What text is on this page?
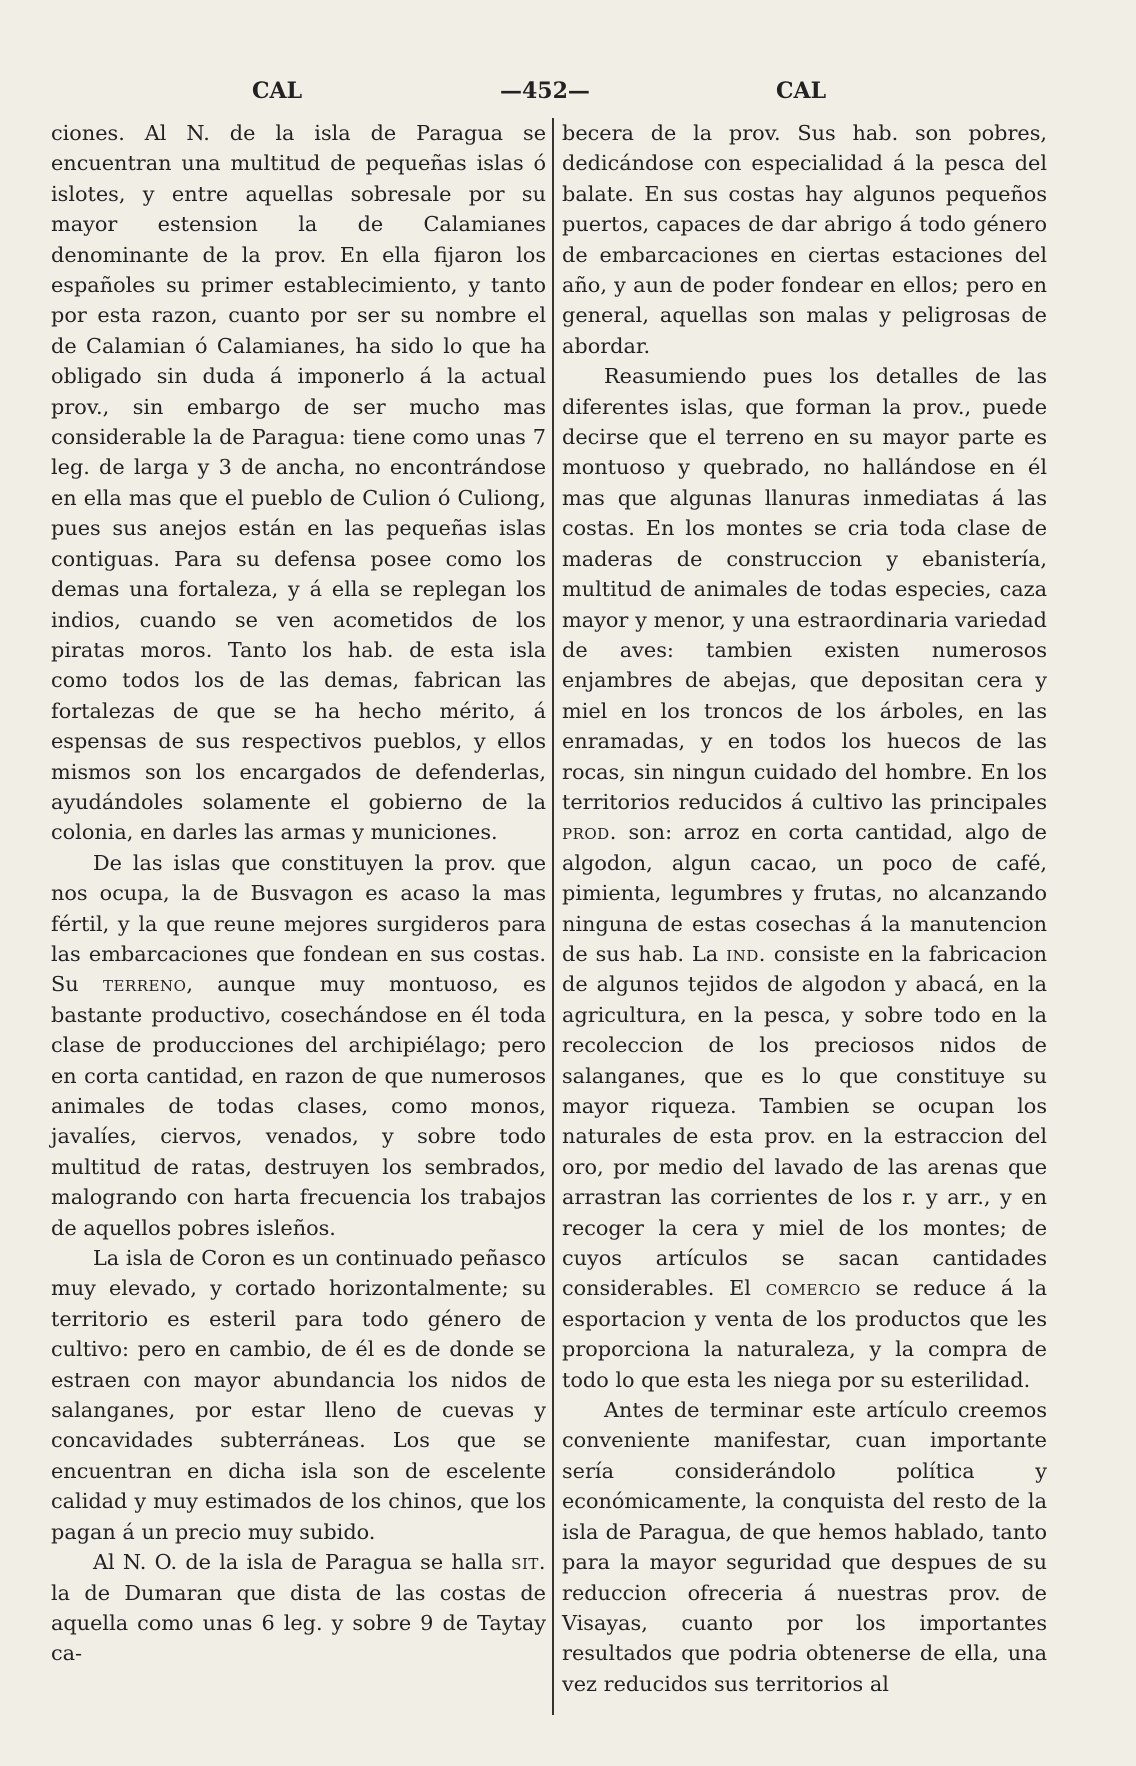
CAL	—452—	CAL

ciones. Al N. de la isla de Paragua se encuentran una multitud de pequeñas islas ó islotes, y entre aquellas sobresale por su mayor estension la de Calamianes denominante de la prov. En ella fijaron los españoles su primer establecimiento, y tanto por esta razon, cuanto por ser su nombre el de Calamian ó Calamianes, ha sido lo que ha obligado sin duda á imponerlo á la actual prov., sin embargo de ser mucho mas considerable la de Paragua: tiene como unas 7 leg. de larga y 3 de ancha, no encontrándose en ella mas que el pueblo de Culion ó Culiong, pues sus anejos están en las pequeñas islas contiguas. Para su defensa posee como los demas una fortaleza, y á ella se replegan los indios, cuando se ven acometidos de los piratas moros. Tanto los hab. de esta isla como todos los de las demas, fabrican las fortalezas de que se ha hecho mérito, á espensas de sus respectivos pueblos, y ellos mismos son los encargados de defenderlas, ayudándoles solamente el gobierno de la colonia, en darles las armas y municiones.

De las islas que constituyen la prov. que nos ocupa, la de Busvagon es acaso la mas fértil, y la que reune mejores surgideros para las embarcaciones que fondean en sus costas. Su terreno, aunque muy montuoso, es bastante productivo, cosechándose en él toda clase de producciones del archipiélago; pero en corta cantidad, en razon de que numerosos animales de todas clases, como monos, javalíes, ciervos, venados, y sobre todo multitud de ratas, destruyen los sembrados, malogrando con harta frecuencia los trabajos de aquellos pobres isleños.

La isla de Coron es un continuado peñasco muy elevado, y cortado horizontalmente; su territorio es esteril para todo género de cultivo: pero en cambio, de él es de donde se estraen con mayor abundancia los nidos de salanganes, por estar lleno de cuevas y concavidades subterráneas. Los que se encuentran en dicha isla son de escelente calidad y muy estimados de los chinos, que los pagan á un precio muy subido.

Al N. O. de la isla de Paragua se halla sit. la de Dumaran que dista de las costas de aquella como unas 6 leg. y sobre 9 de Taytay ca-

becera de la prov. Sus hab. son pobres, dedicándose con especialidad á la pesca del balate. En sus costas hay algunos pequeños puertos, capaces de dar abrigo á todo género de embarcaciones en ciertas estaciones del año, y aun de poder fondear en ellos; pero en general, aquellas son malas y peligrosas de abordar.

Reasumiendo pues los detalles de las diferentes islas, que forman la prov., puede decirse que el terreno en su mayor parte es montuoso y quebrado, no hallándose en él mas que algunas llanuras inmediatas á las costas. En los montes se cria toda clase de maderas de construccion y ebanistería, multitud de animales de todas especies, caza mayor y menor, y una estraordinaria variedad de aves: tambien existen numerosos enjambres de abejas, que depositan cera y miel en los troncos de los árboles, en las enramadas, y en todos los huecos de las rocas, sin ningun cuidado del hombre. En los territorios reducidos á cultivo las principales prod. son: arroz en corta cantidad, algo de algodon, algun cacao, un poco de café, pimienta, legumbres y frutas, no alcanzando ninguna de estas cosechas á la manutencion de sus hab. La ind. consiste en la fabricacion de algunos tejidos de algodon y abacá, en la agricultura, en la pesca, y sobre todo en la recoleccion de los preciosos nidos de salanganes, que es lo que constituye su mayor riqueza. Tambien se ocupan los naturales de esta prov. en la estraccion del oro, por medio del lavado de las arenas que arrastran las corrientes de los r. y arr., y en recoger la cera y miel de los montes; de cuyos artículos se sacan cantidades considerables. El comercio se reduce á la esportacion y venta de los productos que les proporciona la naturaleza, y la compra de todo lo que esta les niega por su esterilidad.

Antes de terminar este artículo creemos conveniente manifestar, cuan importante sería considerándolo política y económicamente, la conquista del resto de la isla de Paragua, de que hemos hablado, tanto para la mayor seguridad que despues de su reduccion ofreceria á nuestras prov. de Visayas, cuanto por los importantes resultados que podria obtenerse de ella, una vez reducidos sus territorios al
